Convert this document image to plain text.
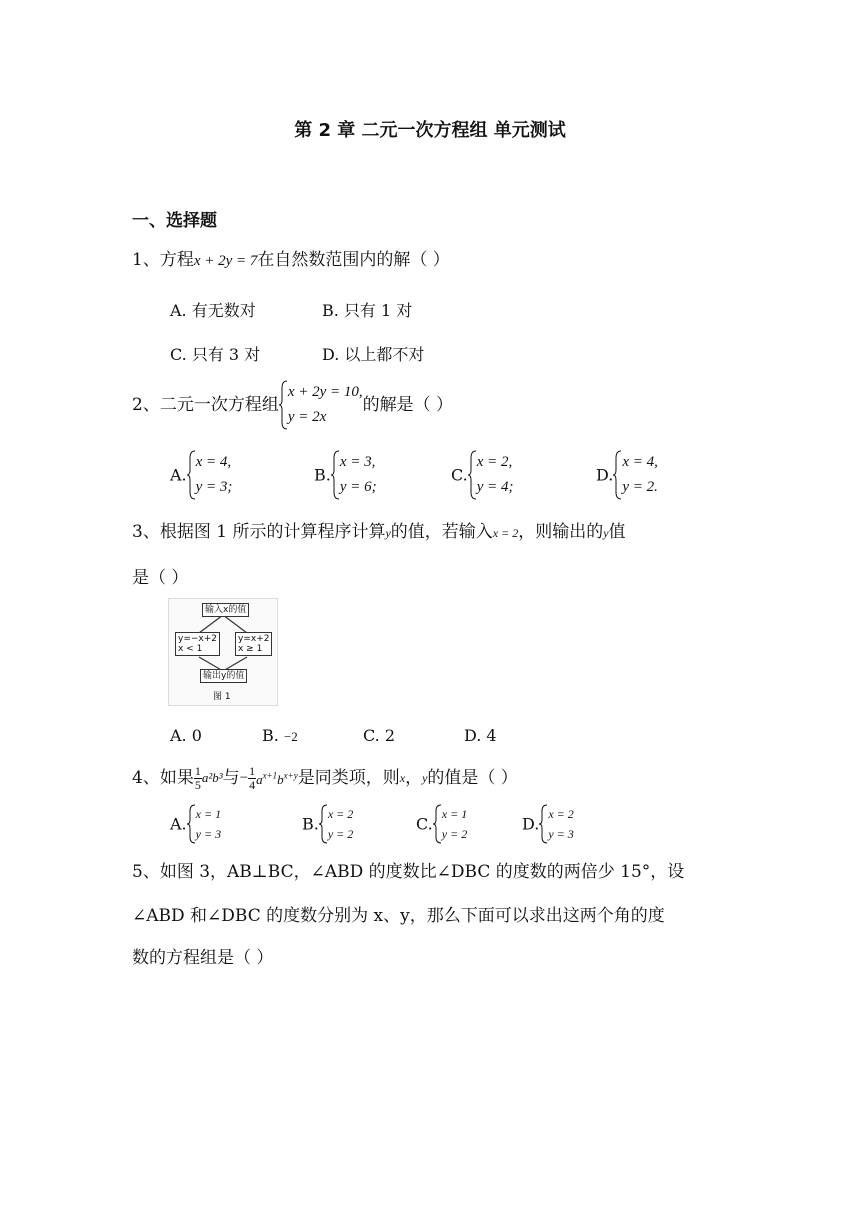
第 2 章 二元一次方程组 单元测试
一、选择题
1、方程x + 2y = 7在自然数范围内的解（ ）
A. 有无数对	B. 只有 1 对
C. 只有 3 对	D. 以上都不对
2、二元一次方程组
x + 2y = 10,
y = 2x
的解是（ ）
A.
x = 4,
y = 3;
B.
x = 3,
y = 6;
C.
x = 2,
y = 4;
D.
x = 4,
y = 2.
3、根据图 1 所示的计算程序计算y的值，若输入x = 2，则输出的y值
是（ ）
输入x的值
y=−x+2
x < 1
y=x+2
x ≥ 1
输出y的值
图 1
A. 0	B. −2	C. 2	D. 4
4、如果 $\frac{1}{5} a^2b^3$与− $\frac{1}{4} a^{x+1}b^{x+y}$是同类项，则x，y的值是（ ）
A.
x = 1
y = 3
B.
x = 2
y = 2
C.
x = 1
y = 2
D.
x = 2
y = 3
5、如图 3，AB⊥BC，∠ABD 的度数比∠DBC 的度数的两倍少 15°，设
∠ABD 和∠DBC 的度数分别为 x、y，那么下面可以求出这两个角的度
数的方程组是（ ）
